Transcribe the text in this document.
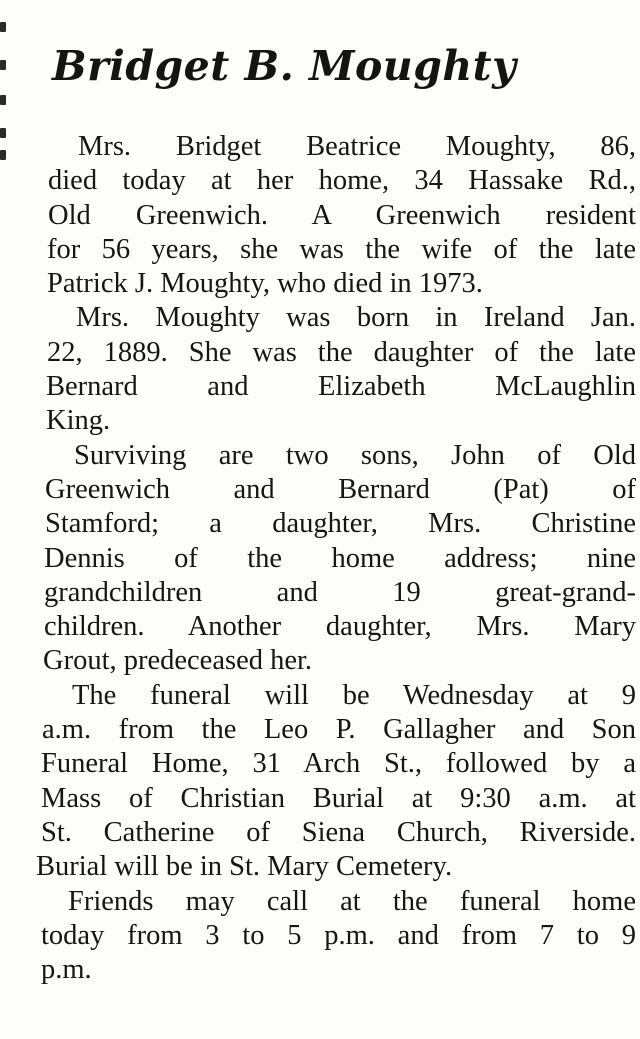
Bridget B. Moughty
Mrs. Bridget Beatrice Moughty, 86,
died today at her home, 34 Hassake Rd.,
Old Greenwich. A Greenwich resident
for 56 years, she was the wife of the late
Patrick J. Moughty, who died in 1973.
Mrs. Moughty was born in Ireland Jan.
22, 1889. She was the daughter of the late
Bernard and Elizabeth McLaughlin
King.
Surviving are two sons, John of Old
Greenwich and Bernard (Pat) of
Stamford; a daughter, Mrs. Christine
Dennis of the home address; nine
grandchildren and 19 great-grand-
children. Another daughter, Mrs. Mary
Grout, predeceased her.
The funeral will be Wednesday at 9
a.m. from the Leo P. Gallagher and Son
Funeral Home, 31 Arch St., followed by a
Mass of Christian Burial at 9:30 a.m. at
St. Catherine of Siena Church, Riverside.
Burial will be in St. Mary Cemetery.
Friends may call at the funeral home
today from 3 to 5 p.m. and from 7 to 9
p.m.
